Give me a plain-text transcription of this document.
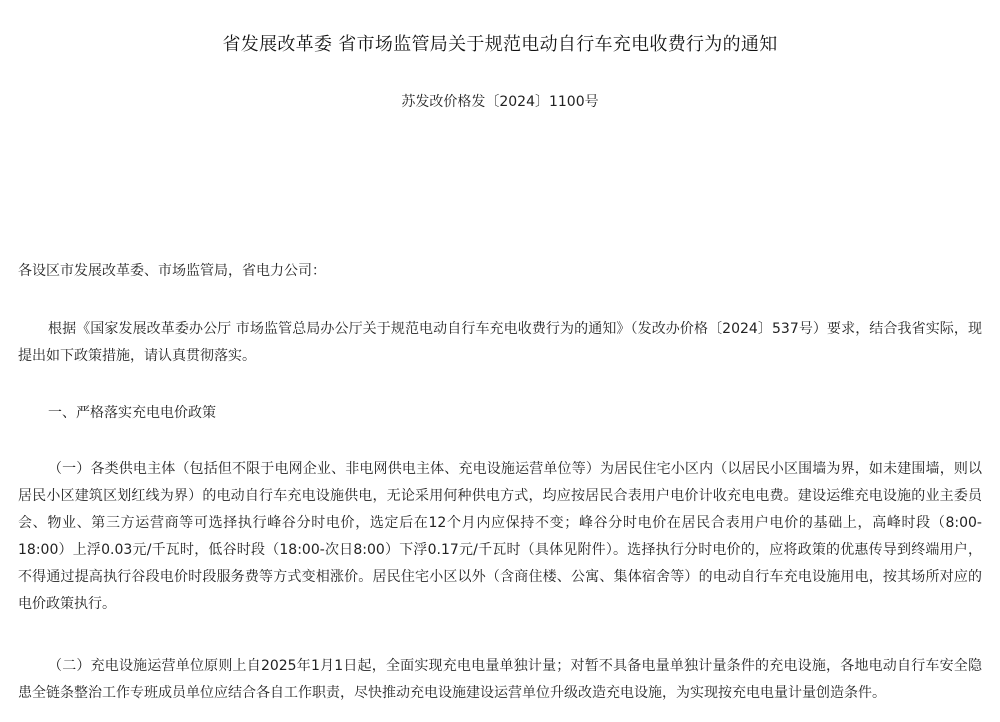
省发展改革委 省市场监管局关于规范电动自行车充电收费行为的通知
苏发改价格发〔2024〕1100号
各设区市发展改革委、市场监管局，省电力公司：
根据《国家发展改革委办公厅 市场监管总局办公厅关于规范电动自行车充电收费行为的通知》（发改办价格〔2024〕537号）要求，结合我省实际，现提出如下政策措施，请认真贯彻落实。
一、严格落实充电电价政策
（一）各类供电主体（包括但不限于电网企业、非电网供电主体、充电设施运营单位等）为居民住宅小区内（以居民小区围墙为界，如未建围墙，则以居民小区建筑区划红线为界）的电动自行车充电设施供电，无论采用何种供电方式，均应按居民合表用户电价计收充电电费。建设运维充电设施的业主委员会、物业、第三方运营商等可选择执行峰谷分时电价，选定后在12个月内应保持不变；峰谷分时电价在居民合表用户电价的基础上，高峰时段（8:00-18:00）上浮0.03元/千瓦时，低谷时段（18:00-次日8:00）下浮0.17元/千瓦时（具体见附件）。选择执行分时电价的，应将政策的优惠传导到终端用户，不得通过提高执行谷段电价时段服务费等方式变相涨价。居民住宅小区以外（含商住楼、公寓、集体宿舍等）的电动自行车充电设施用电，按其场所对应的电价政策执行。
（二）充电设施运营单位原则上自2025年1月1日起，全面实现充电电量单独计量；对暂不具备电量单独计量条件的充电设施，各地电动自行车安全隐患全链条整治工作专班成员单位应结合各自工作职责，尽快推动充电设施建设运营单位升级改造充电设施，为实现按充电电量计量创造条件。
